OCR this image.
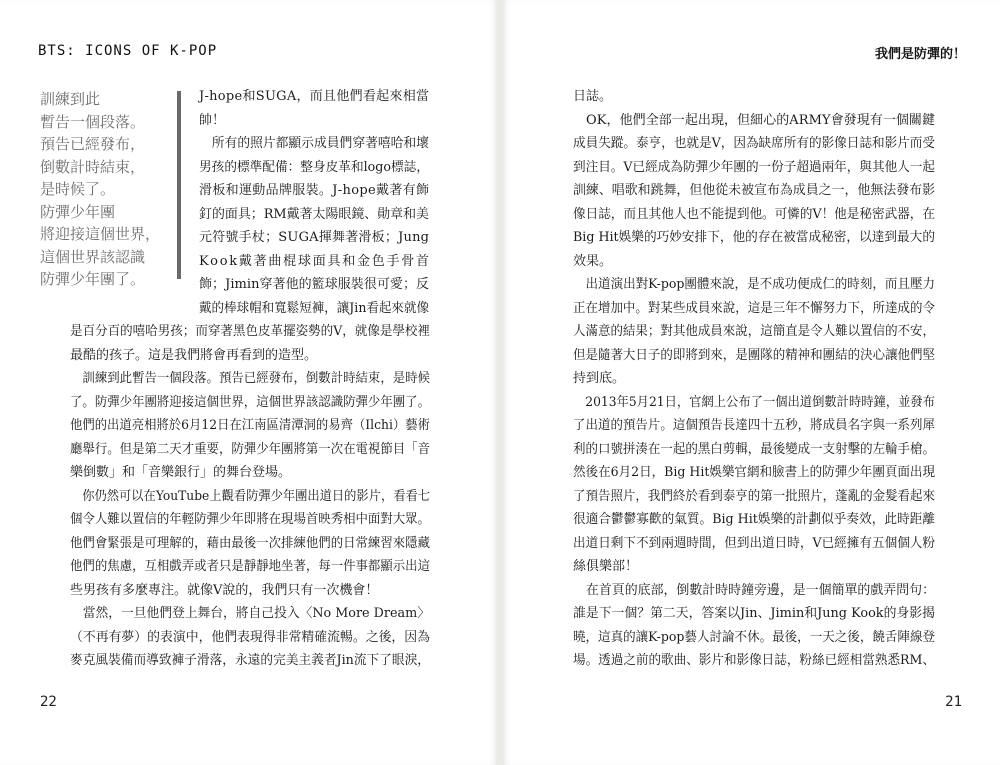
BTS: ICONS OF K-POP
訓練到此
暫告一個段落。
預告已經發布，
倒數計時結束，
是時候了。
防彈少年團
將迎接這個世界，
這個世界該認識
防彈少年團了。
J-hope和SUGA，而且他們看起來相當
帥！
　所有的照片都顯示成員們穿著嘻哈和壞
男孩的標準配備：整身皮革和logo標誌，
滑板和運動品牌服裝。J-hope戴著有飾
釘的面具；RM戴著太陽眼鏡、勛章和美
元符號手杖；SUGA揮舞著滑板；Jung
Kook戴著曲棍球面具和金色手骨首
飾；Jimin穿著他的籃球服裝很可愛；反
戴的棒球帽和寬鬆短褲，讓Jin看起來就像
是百分百的嘻哈男孩；而穿著黑色皮革擺姿勢的V，就像是學校裡
最酷的孩子。這是我們將會再看到的造型。
　訓練到此暫告一個段落。預告已經發布，倒數計時結束，是時候
了。防彈少年團將迎接這個世界，這個世界該認識防彈少年團了。
他們的出道亮相將於6月12日在江南區清潭洞的易齊（Ilchi）藝術
廳舉行。但是第二天才重要，防彈少年團將第一次在電視節目「音
樂倒數」和「音樂銀行」的舞台登場。
　你仍然可以在YouTube上觀看防彈少年團出道日的影片，看看七
個令人難以置信的年輕防彈少年即將在現場首映秀相中面對大眾。
他們會緊張是可理解的，藉由最後一次排練他們的日常練習來隱藏
他們的焦慮，互相戲弄或者只是靜靜地坐著，每一件事都顯示出這
些男孩有多麼專注。就像V說的，我們只有一次機會！
　當然，一旦他們登上舞台，將自己投入〈No More Dream〉
（不再有夢）的表演中，他們表現得非常精確流暢。之後，因為
麥克風裝備而導致褲子滑落，永遠的完美主義者Jin流下了眼淚，
22
我們是防彈的！
日誌。
　OK，他們全部一起出現，但細心的ARMY會發現有一個關鍵
成員失蹤。泰亨，也就是V，因為缺席所有的影像日誌和影片而受
到注目。V已經成為防彈少年團的一份子超過兩年，與其他人一起
訓練、唱歌和跳舞，但他從未被宣布為成員之一，他無法發布影
像日誌，而且其他人也不能提到他。可憐的V！他是秘密武器，在
Big Hit娛樂的巧妙安排下，他的存在被當成秘密，以達到最大的
效果。
　出道演出對K-pop團體來說，是不成功便成仁的時刻，而且壓力
正在增加中。對某些成員來說，這是三年不懈努力下，所達成的令
人滿意的結果；對其他成員來說，這簡直是令人難以置信的不安，
但是隨著大日子的即將到來，是團隊的精神和團結的決心讓他們堅
持到底。
　2013年5月21日，官網上公布了一個出道倒數計時時鐘，並發布
了出道的預告片。這個預告長達四十五秒，將成員名字與一系列犀
利的口號拼湊在一起的黑白剪輯，最後變成一支射擊的左輪手槍。
然後在6月2日，Big Hit娛樂官網和臉書上的防彈少年團頁面出現
了預告照片，我們終於看到泰亨的第一批照片，蓬亂的金髮看起來
很適合鬱鬱寡歡的氣質。Big Hit娛樂的計劃似乎奏效，此時距離
出道日剩下不到兩週時間，但到出道日時，V已經擁有五個個人粉
絲俱樂部！
　在首頁的底部，倒數計時時鐘旁邊，是一個簡單的戲弄問句：
誰是下一個？第二天，答案以Jin、Jimin和Jung Kook的身影揭
曉，這真的讓K-pop藝人討論不休。最後，一天之後，饒舌陣線登
場。透過之前的歌曲、影片和影像日誌，粉絲已經相當熟悉RM、
21
